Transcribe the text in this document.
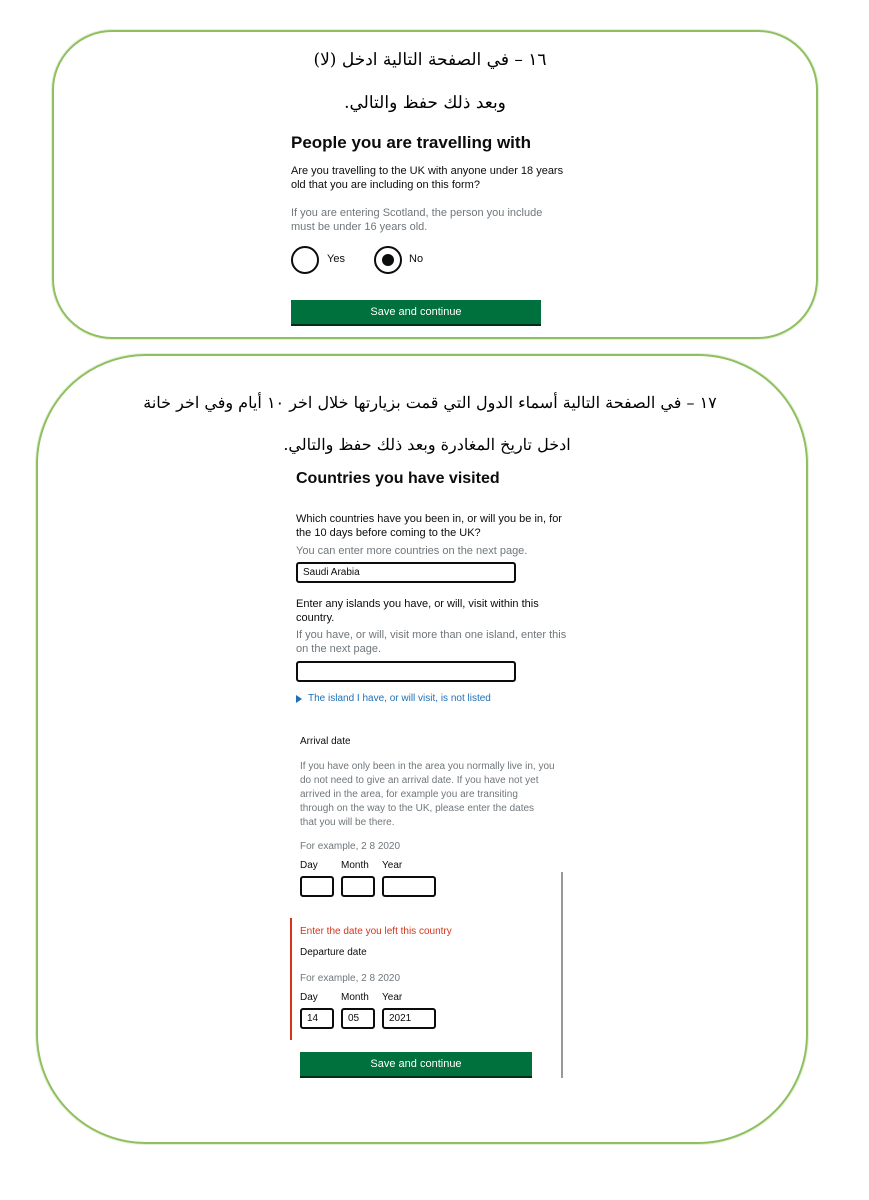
١٦ – في الصفحة التالية ادخل (لا)
وبعد ذلك حفظ والتالي.
People you are travelling with
Are you travelling to the UK with anyone under 18 years
old that you are including on this form?
If you are entering Scotland, the person you include
must be under 16 years old.
Yes	No
Save and continue
١٧ – في الصفحة التالية أسماء الدول التي قمت بزيارتها خلال اخر ١٠ أيام وفي اخر خانة
ادخل تاريخ المغادرة وبعد ذلك حفظ والتالي.
Countries you have visited
Which countries have you been in, or will you be in, for
the 10 days before coming to the UK?
You can enter more countries on the next page.
Saudi Arabia
Enter any islands you have, or will, visit within this
country.
If you have, or will, visit more than one island, enter this
on the next page.
The island I have, or will visit, is not listed
Arrival date
If you have only been in the area you normally live in, you
do not need to give an arrival date. If you have not yet
arrived in the area, for example you are transiting
through on the way to the UK, please enter the dates
that you will be there.
For example, 2 8 2020
Day Month Year
Enter the date you left this country
Departure date
For example, 2 8 2020
Day Month Year
14	05	2021
Save and continue
